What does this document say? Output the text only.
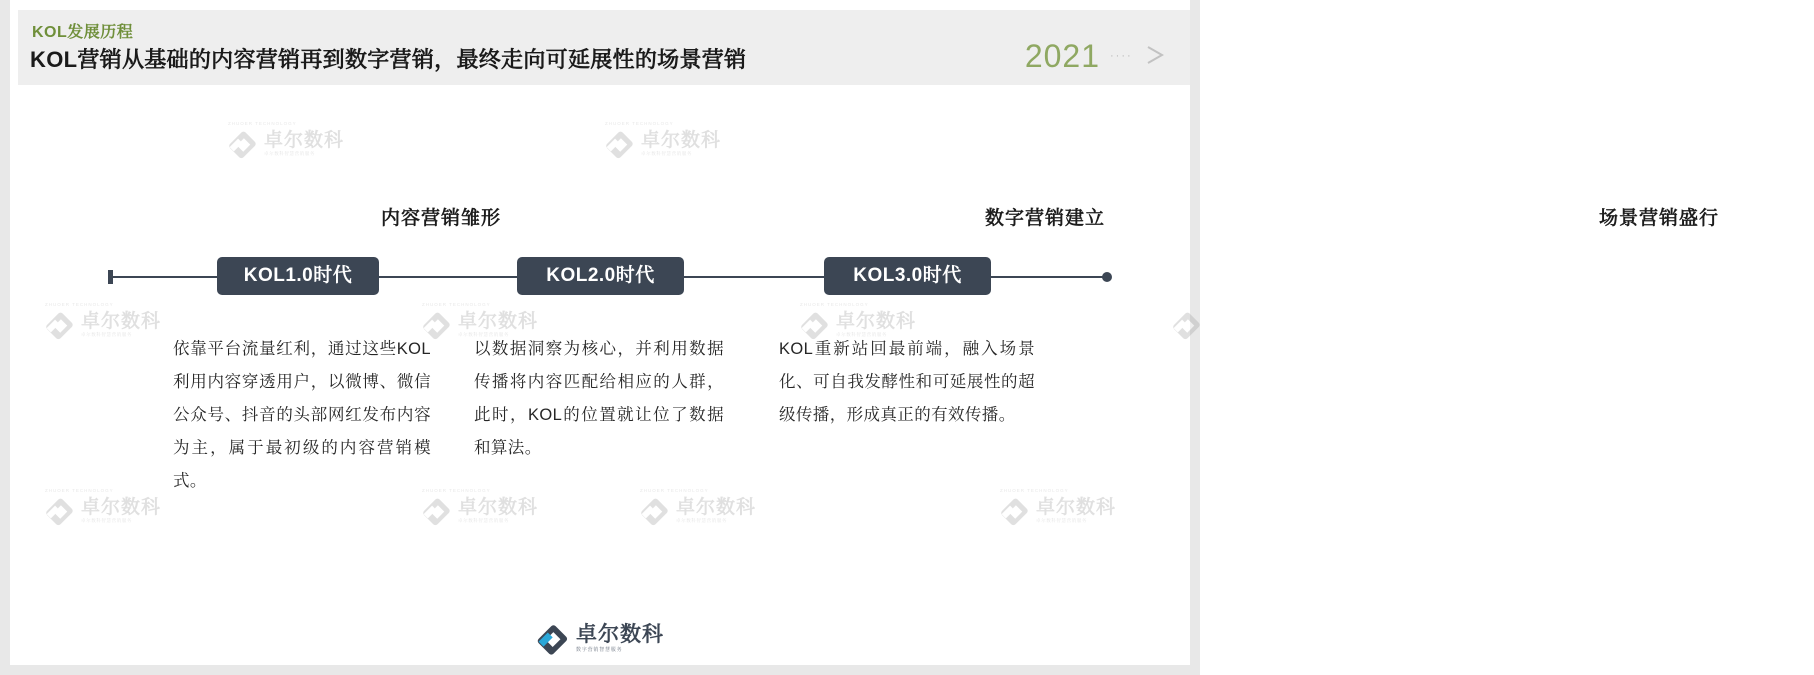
KOL发展历程
KOL营销从基础的内容营销再到数字营销，最终走向可延展性的场景营销	2021 ····
ZHUOER TECHNOLOGY
卓尔数科
卓尔数科智慧营销服务
ZHUOER TECHNOLOGY
卓尔数科
卓尔数科智慧营销服务
ZHUOER TECHNOLOGY
卓尔数科
卓尔数科智慧营销服务
ZHUOER TECHNOLOGY
卓尔数科
卓尔数科智慧营销服务
ZHUOER TECHNOLOGY
卓尔数科
卓尔数科智慧营销服务
ZHUOER TECHNOLOGY
卓尔数科
卓尔数科智慧营销服务
ZHUOER TECHNOLOGY
卓尔数科
卓尔数科智慧营销服务
ZHUOER TECHNOLOGY
卓尔数科
卓尔数科智慧营销服务
ZHUOER TECHNOLOGY
卓尔数科
卓尔数科智慧营销服务
内容营销雏形
KOL1.0时代
依靠平台流量红利，通过这些KOL利用内容穿透用户，以微博、微信公众号、抖音的头部网红发布内容为主，属于最初级的内容营销模式。
数字营销建立
KOL2.0时代
以数据洞察为核心，并利用数据传播将内容匹配给相应的人群，此时，KOL的位置就让位了数据和算法。
场景营销盛行
KOL3.0时代
KOL重新站回最前端，融入场景化、可自我发酵性和可延展性的超级传播，形成真正的有效传播。
卓尔数科
数字营销智慧服务
